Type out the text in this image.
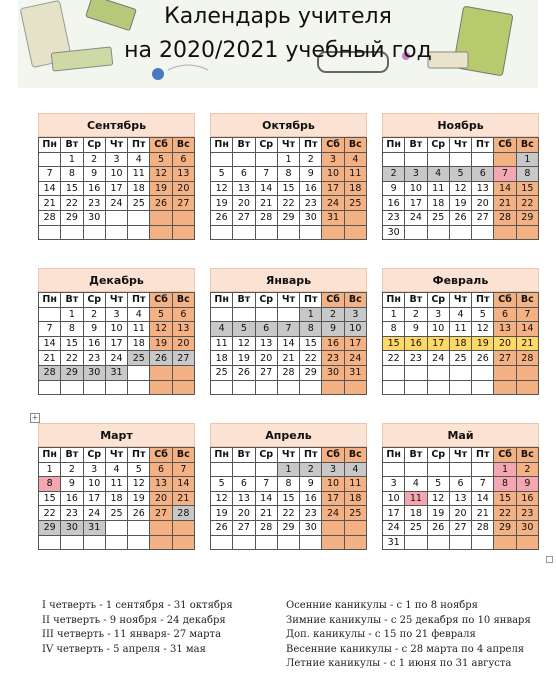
Календарь учителя
на 2020/2021 учебный год
Сентябрь
Пн	Вт	Ср	Чт	Пт	Сб	Вс
	1	2	3	4	5	6
7	8	9	10	11	12	13
14	15	16	17	18	19	20
21	22	23	24	25	26	27
28	29	30				

Октябрь
Пн	Вт	Ср	Чт	Пт	Сб	Вс
			1	2	3	4
5	6	7	8	9	10	11
12	13	14	15	16	17	18
19	20	21	22	23	24	25
26	27	28	29	30	31	

Ноябрь
Пн	Вт	Ср	Чт	Пт	Сб	Вс
						1
2	3	4	5	6	7	8
9	10	11	12	13	14	15
16	17	18	19	20	21	22
23	24	25	26	27	28	29
30						
Декабрь
Пн	Вт	Ср	Чт	Пт	Сб	Вс
	1	2	3	4	5	6
7	8	9	10	11	12	13
14	15	16	17	18	19	20
21	22	23	24	25	26	27
28	29	30	31			

Январь
Пн	Вт	Ср	Чт	Пт	Сб	Вс
				1	2	3
4	5	6	7	8	9	10
11	12	13	14	15	16	17
18	19	20	21	22	23	24
25	26	27	28	29	30	31

Февраль
Пн	Вт	Ср	Чт	Пт	Сб	Вс
1	2	3	4	5	6	7
8	9	10	11	12	13	14
15	16	17	18	19	20	21
22	23	24	25	26	27	28

Март
Пн	Вт	Ср	Чт	Пт	Сб	Вс
1	2	3	4	5	6	7
8	9	10	11	12	13	14
15	16	17	18	19	20	21
22	23	24	25	26	27	28
29	30	31				

Апрель
Пн	Вт	Ср	Чт	Пт	Сб	Вс
			1	2	3	4
5	6	7	8	9	10	11
12	13	14	15	16	17	18
19	20	21	22	23	24	25
26	27	28	29	30		

Май
Пн	Вт	Ср	Чт	Пт	Сб	Вс
					1	2
3	4	5	6	7	8	9
10	11	12	13	14	15	16
17	18	19	20	21	22	23
24	25	26	27	28	29	30
31						
+
I четверть - 1 сентября - 31 октября
II четверть - 9 ноября - 24 декабря
III четверть - 11 января- 27 марта
IV четверть - 5 апреля - 31 мая
Осенние каникулы - с 1 по 8 ноября
Зимние каникулы - с 25 декабря по 10 января
Доп. каникулы - с 15 по 21 февраля
Весенние каникулы - с 28 марта по 4 апреля
Летние каникулы - с 1 июня по 31 августа
